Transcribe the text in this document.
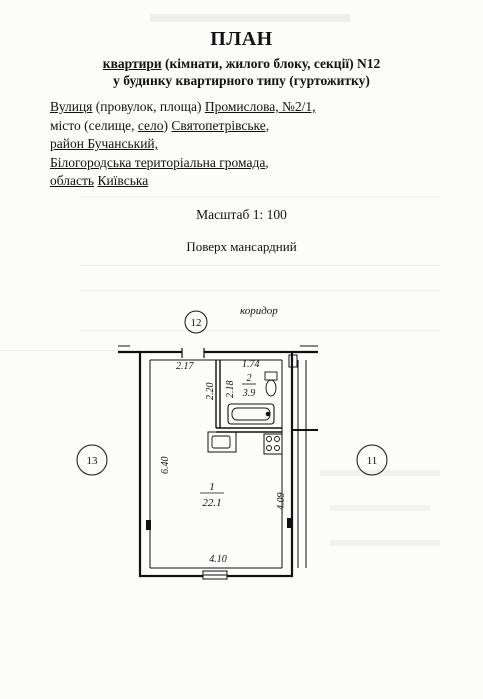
ПЛАН
квартири (кімнати, жилого блоку, секції) N12
у будинку квартирного типу (гуртожитку)
Вулиця (провулок, площа) Промислова, №2/1,
місто (селище, село) Святопетрівське,
район Бучанський,
Білогородська територіальна громада,
область Київська
Масштаб 1: 100
Поверх мансардний
12
13	11
коридор
2.17	1.74
2.20 2.18
2
3.9
6.40
1
22.1	4.09
4.10
